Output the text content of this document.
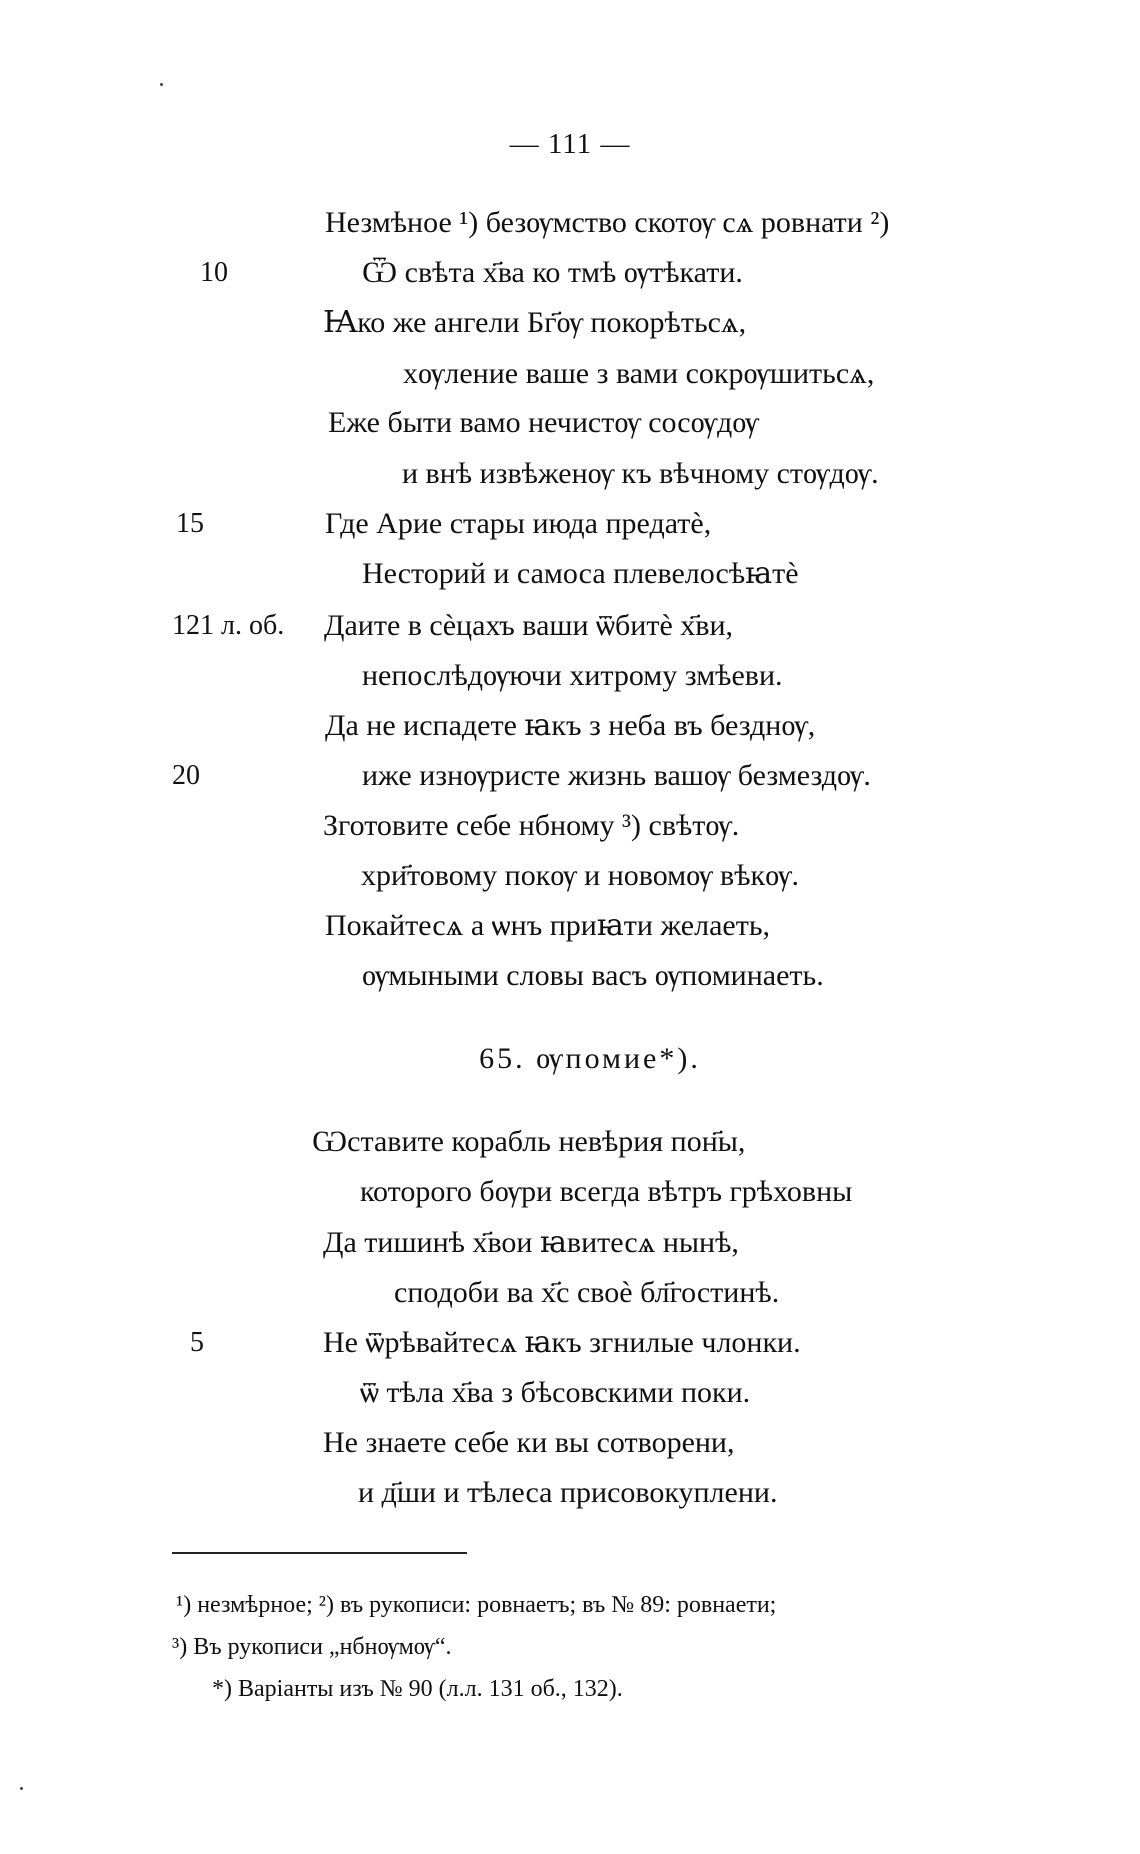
— 111 —
Незмѣное ¹) безѹмство скотѹ сѧ ровнати ²)
10	Ѿ свѣта х҃ва ко тмѣ ѹтѣкати.
Ꙗко же ангели Бг҃ѹ покорѣтьсѧ,
хѹление ваше з вами сокрѹшитьсѧ,
Еже быти вамо нечистѹ сосѹдѹ
и внѣ извѣженѹ къ вѣчному стѹдѹ.
15	Где Арие стары июда предатѐ,
Несторий и самоса плевелосѣꙗтѐ
121 л. об. Даите в сѐцахъ ваши ѿбитѐ х҃ви,
непослѣдѹючи хитрому змѣеви.
Да не испадете ꙗкъ з неба въ безднѹ,
20	иже изнѹристе жизнь вашѹ безмездѹ.
Зготовите себе нбному ³) свѣтѹ.
хри҃товому покѹ и новомѹ вѣкѹ.
Покайтесѧ а ѡнъ приꙗти желаеть,
ѹмыными словы васъ ѹпоминаеть.
65. ѹпомие*).
Ѡставите корабль невѣрия пон҃ы,
которого бѹри всегда вѣтръ грѣховны
Да тишинѣ х҃вои ꙗвитесѧ нынѣ,
сподоби ва х҃с своѐ бл҃гостинѣ.
5	Не ѿрѣвайтесѧ ꙗкъ згнилые члонки.
ѿ тѣла х҃ва з бѣсовскими поки.
Не знаете себе ки вы сотворени,
и д҃ши и тѣлеса присовокуплени.
¹) незмѣрное; ²) въ рукописи: ровнаетъ; въ № 89: ровнаети;
³) Въ рукописи „нбнѹмѹ“.
*) Варіанты изъ № 90 (л.л. 131 об., 132).
